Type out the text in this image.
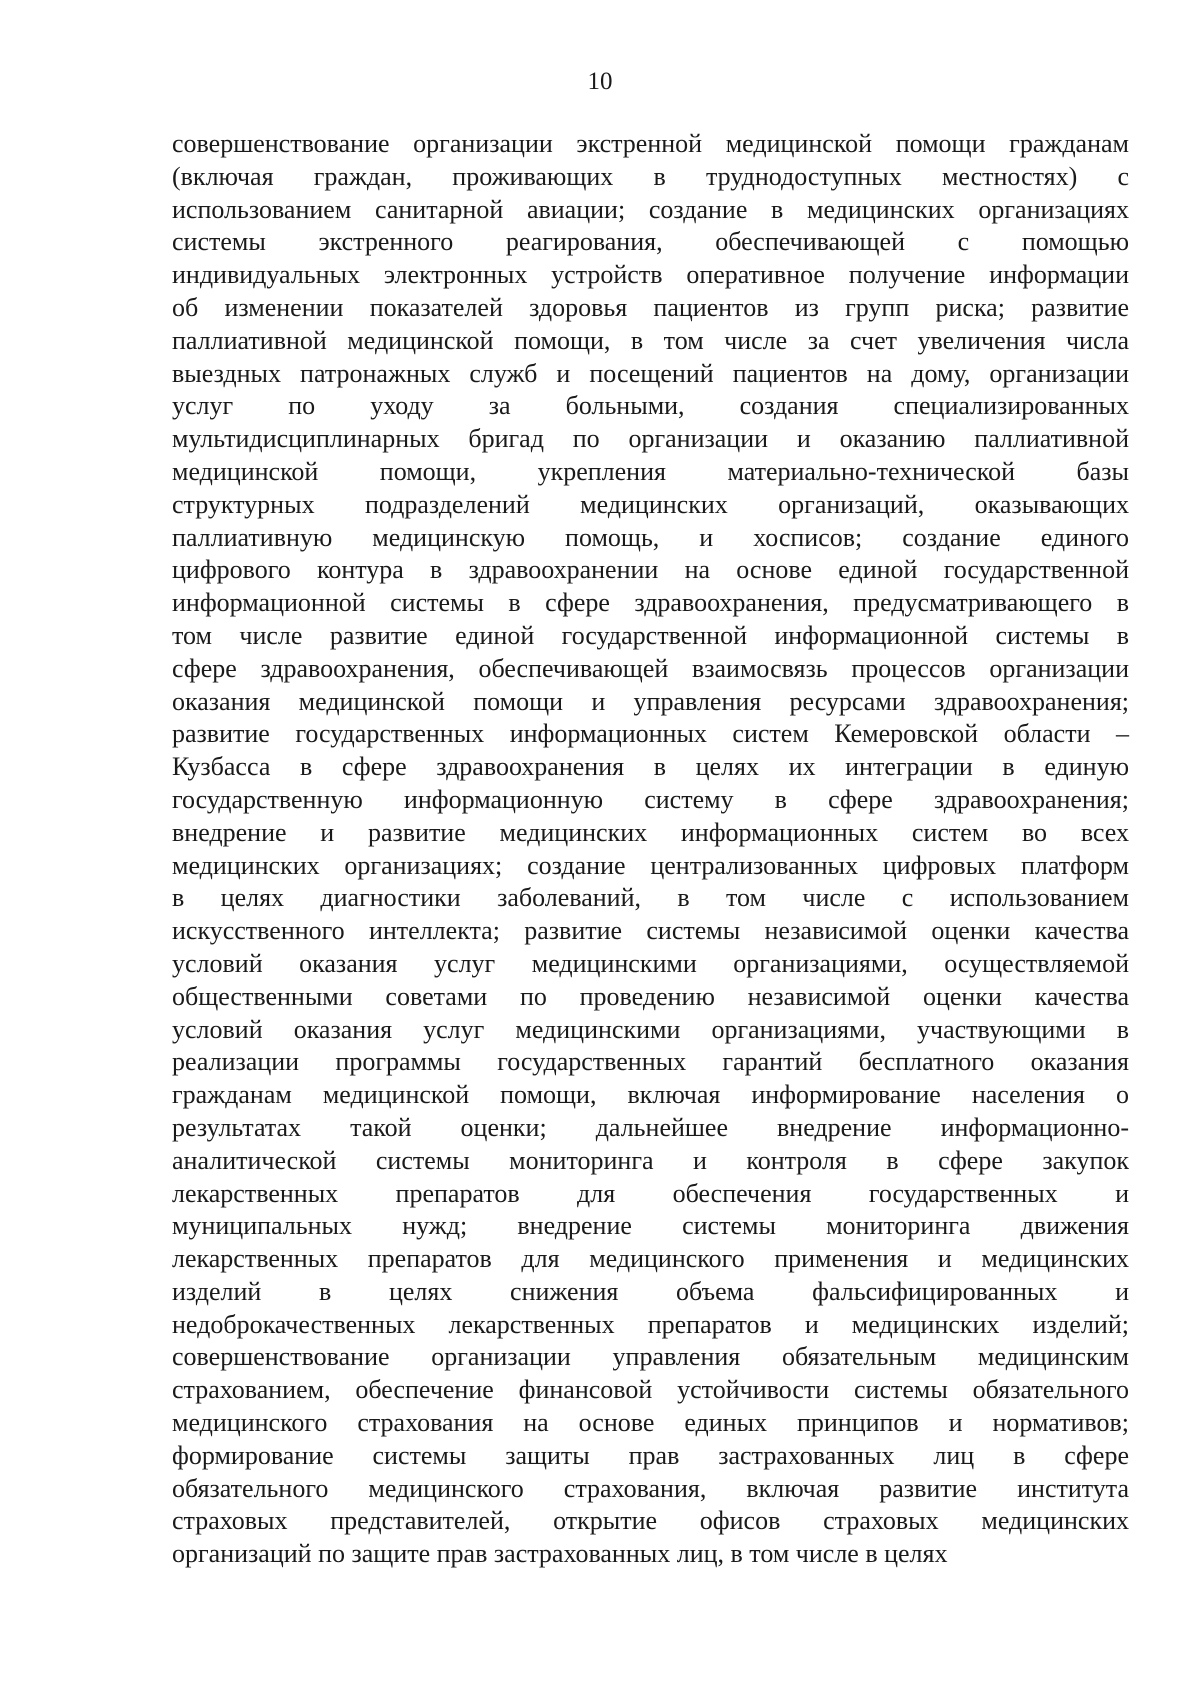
10
совершенствование организации экстренной медицинской помощи гражданам
(включая граждан, проживающих в труднодоступных местностях) с
использованием санитарной авиации; создание в медицинских организациях
системы экстренного реагирования, обеспечивающей с помощью
индивидуальных электронных устройств оперативное получение информации
об изменении показателей здоровья пациентов из групп риска; развитие
паллиативной медицинской помощи, в том числе за счет увеличения числа
выездных патронажных служб и посещений пациентов на дому, организации
услуг по уходу за больными, создания специализированных
мультидисциплинарных бригад по организации и оказанию паллиативной
медицинской помощи, укрепления материально-технической базы
структурных подразделений медицинских организаций, оказывающих
паллиативную медицинскую помощь, и хосписов; создание единого
цифрового контура в здравоохранении на основе единой государственной
информационной системы в сфере здравоохранения, предусматривающего в
том числе развитие единой государственной информационной системы в
сфере здравоохранения, обеспечивающей взаимосвязь процессов организации
оказания медицинской помощи и управления ресурсами здравоохранения;
развитие государственных информационных систем Кемеровской области –
Кузбасса в сфере здравоохранения в целях их интеграции в единую
государственную информационную систему в сфере здравоохранения;
внедрение и развитие медицинских информационных систем во всех
медицинских организациях; создание централизованных цифровых платформ
в целях диагностики заболеваний, в том числе с использованием
искусственного интеллекта; развитие системы независимой оценки качества
условий оказания услуг медицинскими организациями, осуществляемой
общественными советами по проведению независимой оценки качества
условий оказания услуг медицинскими организациями, участвующими в
реализации программы государственных гарантий бесплатного оказания
гражданам медицинской помощи, включая информирование населения о
результатах такой оценки; дальнейшее внедрение информационно-
аналитической системы мониторинга и контроля в сфере закупок
лекарственных препаратов для обеспечения государственных и
муниципальных нужд; внедрение системы мониторинга движения
лекарственных препаратов для медицинского применения и медицинских
изделий в целях снижения объема фальсифицированных и
недоброкачественных лекарственных препаратов и медицинских изделий;
совершенствование организации управления обязательным медицинским
страхованием, обеспечение финансовой устойчивости системы обязательного
медицинского страхования на основе единых принципов и нормативов;
формирование системы защиты прав застрахованных лиц в сфере
обязательного медицинского страхования, включая развитие института
страховых представителей, открытие офисов страховых медицинских
организаций по защите прав застрахованных лиц, в том числе в целях
